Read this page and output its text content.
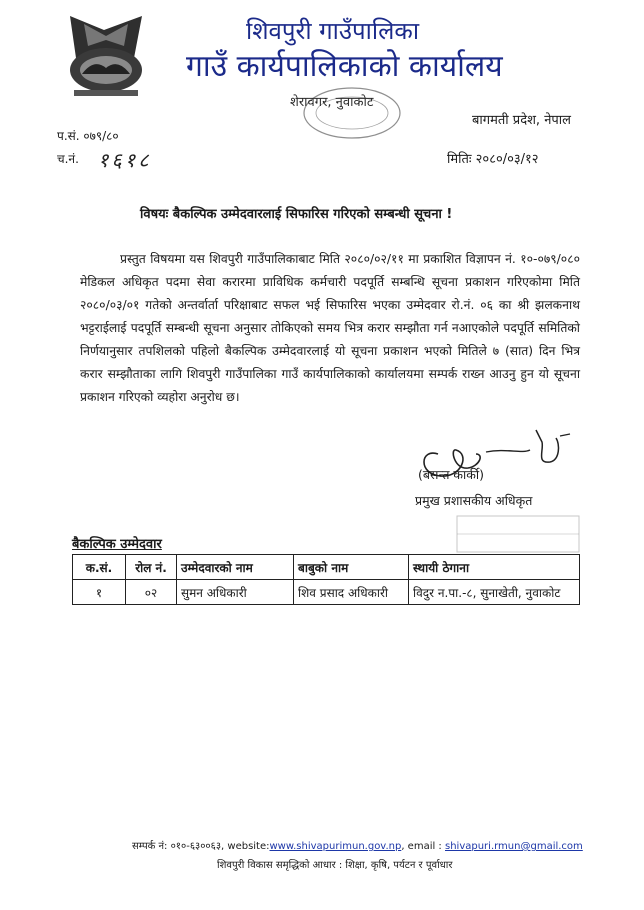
शिवपुरी गाउँपालिका
गाउँ कार्यपालिकाको कार्यालय
शेरावगर, नुवाकोट
बागमती प्रदेश, नेपाल
प.सं. ०७९/८०
च.नं. १६१८	मितिः २०८०/०३/१२
विषयः बैकल्पिक उम्मेदवारलाई सिफारिस गरिएको सम्बन्धी सूचना !

प्रस्तुत विषयमा यस शिवपुरी गाउँपालिकाबाट मिति २०८०/०२/११ मा प्रकाशित विज्ञापन नं. १०-०७९/०८० मेडिकल अधिकृत पदमा सेवा करारमा प्राविधिक कर्मचारी पदपूर्ति सम्बन्धि सूचना प्रकाशन गरिएकोमा मिति २०८०/०३/०१ गतेको अन्तर्वार्ता परिक्षाबाट सफल भई सिफारिस भएका उम्मेदवार रो.नं. ०६ का श्री झलकनाथ भट्टराईलाई पदपूर्ति सम्बन्धी सूचना अनुसार तोकिएको समय भित्र करार सम्झौता गर्न नआएकोले पदपूर्ति समितिको निर्णयानुसार तपशिलको पहिलो बैकल्पिक उम्मेदवारलाई यो सूचना प्रकाशन भएको मितिले ७ (सात) दिन भित्र करार सम्झौताका लागि शिवपुरी गाउँपालिका गाउँ कार्यपालिकाको कार्यालयमा सम्पर्क राख्न आउनु हुन यो सूचना प्रकाशन गरिएको व्यहोरा अनुरोध छ।

(बसन्त कार्की)
प्रमुख प्रशासकीय अधिकृत
बैकल्पिक उम्मेदवार
क.सं.	रोल नं.	उम्मेदवारको नाम	बाबुको नाम	स्थायी ठेगाना
१	०२	सुमन अधिकारी	शिव प्रसाद अधिकारी	विदुर न.पा.-८, सुनाखेती, नुवाकोट
सम्पर्क नं: ०१०-६३००६३, website:www.shivapurimun.gov.np, email : shivapuri.rmun@gmail.com
शिवपुरी विकास समृद्धिको आधार : शिक्षा, कृषि, पर्यटन र पूर्वाधार
